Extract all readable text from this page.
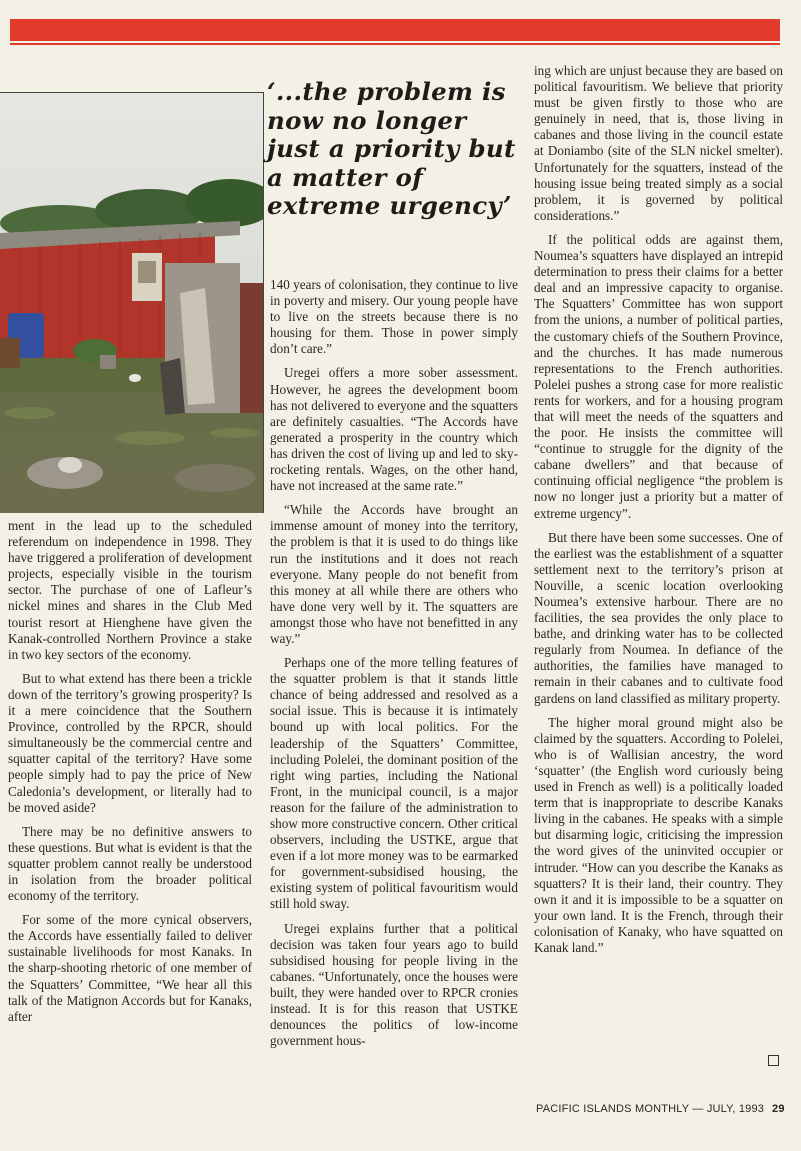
‘...the problem is now no longer just a priority but a matter of extreme urgency’

ment in the lead up to the scheduled referendum on independence in 1998. They have triggered a proliferation of development projects, especially visible in the tourism sector. The purchase of one of Lafleur’s nickel mines and shares in the Club Med tourist resort at Hienghene have given the Kanak-controlled Northern Province a stake in two key sectors of the economy.

But to what extend has there been a trickle down of the territory’s growing prosperity? Is it a mere coincidence that the Southern Province, controlled by the RPCR, should simultaneously be the commercial centre and squatter capital of the territory? Have some people simply had to pay the price of New Caledonia’s development, or literally had to be moved aside?

There may be no definitive answers to these questions. But what is evident is that the squatter problem cannot really be understood in isolation from the broader political economy of the territory.

For some of the more cynical observers, the Accords have essentially failed to deliver sustainable livelihoods for most Kanaks. In the sharp-shooting rhetoric of one member of the Squatters’ Committee, “We hear all this talk of the Matignon Accords but for Kanaks, after

140 years of colonisation, they continue to live in poverty and misery. Our young people have to live on the streets because there is no housing for them. Those in power simply don’t care.”

Uregei offers a more sober assessment. However, he agrees the development boom has not delivered to everyone and the squatters are definitely casualties. “The Accords have generated a prosperity in the country which has driven the cost of living up and led to sky-rocketing rentals. Wages, on the other hand, have not increased at the same rate.”

“While the Accords have brought an immense amount of money into the territory, the problem is that it is used to do things like run the institutions and it does not reach everyone. Many people do not benefit from this money at all while there are others who have done very well by it. The squatters are amongst those who have not benefitted in any way.”

Perhaps one of the more telling features of the squatter problem is that it stands little chance of being addressed and resolved as a social issue. This is because it is intimately bound up with local politics. For the leadership of the Squatters’ Committee, including Polelei, the dominant position of the right wing parties, including the National Front, in the municipal council, is a major reason for the failure of the administration to show more constructive concern. Other critical observers, including the USTKE, argue that even if a lot more money was to be earmarked for government-subsidised housing, the existing system of political favouritism would still hold sway.

Uregei explains further that a political decision was taken four years ago to build subsidised housing for people living in the cabanes. “Unfortunately, once the houses were built, they were handed over to RPCR cronies instead. It is for this reason that USTKE denounces the politics of low-income government hous-

ing which are unjust because they are based on political favouritism. We believe that priority must be given firstly to those who are genuinely in need, that is, those living in cabanes and those living in the council estate at Doniambo (site of the SLN nickel smelter). Unfortunately for the squatters, instead of the housing issue being treated simply as a social problem, it is governed by political considerations.”

If the political odds are against them, Noumea’s squatters have displayed an intrepid determination to press their claims for a better deal and an impressive capacity to organise. The Squatters’ Committee has won support from the unions, a number of political parties, the customary chiefs of the Southern Province, and the churches. It has made numerous representations to the French authorities. Polelei pushes a strong case for more realistic rents for workers, and for a housing program that will meet the needs of the squatters and the poor. He insists the committee will “continue to struggle for the dignity of the cabane dwellers” and that because of continuing official negligence “the problem is now no longer just a priority but a matter of extreme urgency”.

But there have been some successes. One of the earliest was the establishment of a squatter settlement next to the territory’s prison at Nouville, a scenic location overlooking Noumea’s extensive harbour. There are no facilities, the sea provides the only place to bathe, and drinking water has to be collected regularly from Noumea. In defiance of the authorities, the families have managed to remain in their cabanes and to cultivate food gardens on land classified as military property.

The higher moral ground might also be claimed by the squatters. According to Polelei, who is of Wallisian ancestry, the word ‘squatter’ (the English word curiously being used in French as well) is a politically loaded term that is inappropriate to describe Kanaks living in the cabanes. He speaks with a simple but disarming logic, criticising the impression the word gives of the uninvited occupier or intruder. “How can you describe the Kanaks as squatters? It is their land, their country. They own it and it is impossible to be a squatter on your own land. It is the French, through their colonisation of Kanaky, who have squatted on Kanak land.”

PACIFIC ISLANDS MONTHLY — JULY, 1993 29
